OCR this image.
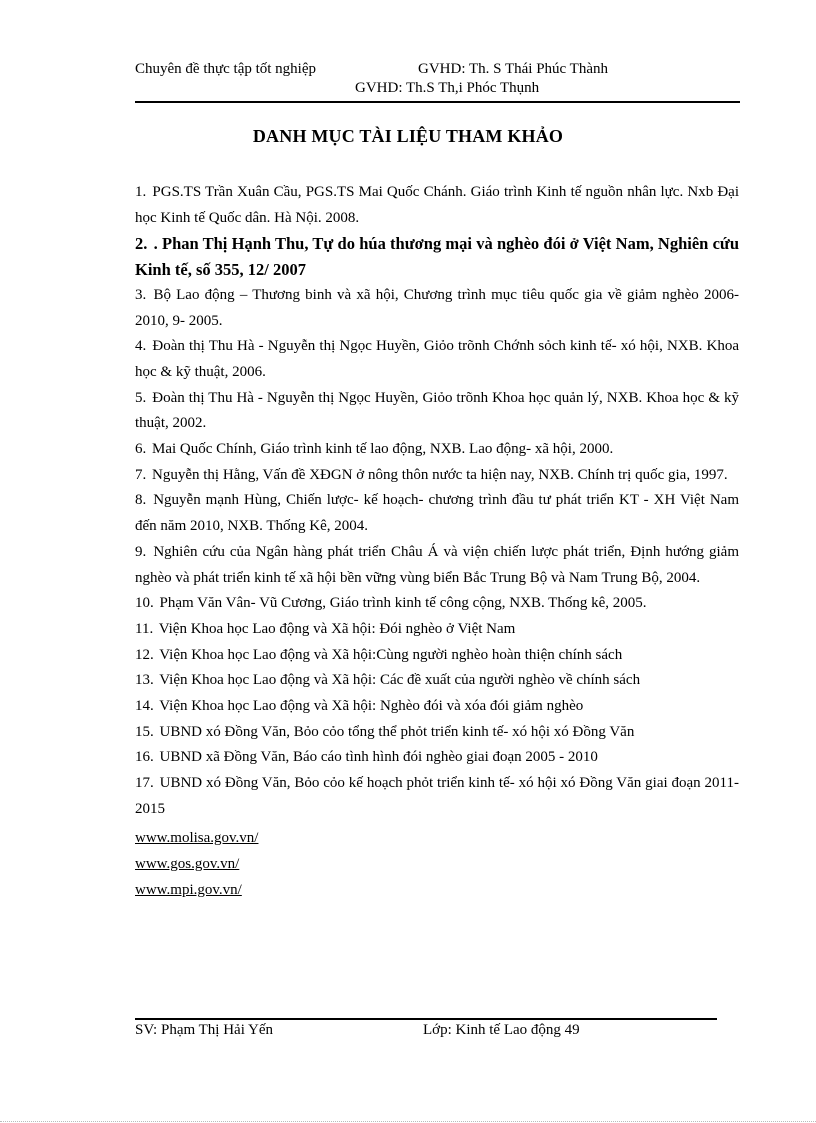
Chuyên đề thực tập tốt nghiệp	GVHD: Th. S Thái Phúc Thành
GVHD: Th.S Th,i Phóc Thụnh
DANH MỤC TÀI LIỆU THAM KHẢO
1. PGS.TS Trần Xuân Cầu, PGS.TS Mai Quốc Chánh. Giáo trình Kinh tế nguồn nhân lực. Nxb Đại học Kinh tế Quốc dân. Hà Nội. 2008.
2. . Phan Thị Hạnh Thu, Tự do húa thương mại và nghèo đói ở Việt Nam, Nghiên cứu Kinh tế, số 355, 12/ 2007
3. Bộ Lao động – Thương binh và xã hội, Chương trình mục tiêu quốc gia về giảm nghèo 2006- 2010, 9- 2005.
4. Đoàn thị Thu Hà - Nguyễn thị Ngọc Huyền, Giỏo trõnh Chớnh sỏch kinh tế- xó hội, NXB. Khoa học & kỹ thuật, 2006.
5. Đoàn thị Thu Hà - Nguyễn thị Ngọc Huyền, Giỏo trõnh Khoa học quản lý, NXB. Khoa học & kỹ thuật, 2002.
6. Mai Quốc Chính, Giáo trình kinh tế lao động, NXB. Lao động- xã hội, 2000.
7. Nguyễn thị Hằng, Vấn đề XĐGN ở nông thôn nước ta hiện nay, NXB. Chính trị quốc gia, 1997.
8. Nguyễn mạnh Hùng, Chiến lược- kế hoạch- chương trình đầu tư phát triển KT - XH Việt Nam đến năm 2010, NXB. Thống Kê, 2004.
9. Nghiên cứu của Ngân hàng phát triển Châu Á và viện chiến lược phát triển, Định hướng giảm nghèo và phát triển kinh tế xã hội bền vững vùng biển Bắc Trung Bộ và Nam Trung Bộ, 2004.
10. Phạm Văn Vân- Vũ Cương, Giáo trình kinh tế công cộng, NXB. Thống kê, 2005.
11. Viện Khoa học Lao động và Xã hội: Đói nghèo ở Việt Nam
12. Viện Khoa học Lao động và Xã hội:Cùng người nghèo hoàn thiện chính sách
13. Viện Khoa học Lao động và Xã hội: Các đề xuất của người nghèo về chính sách
14. Viện Khoa học Lao động và Xã hội: Nghèo đói và xóa đói giảm nghèo
15. UBND xó Đồng Văn, Bỏo cỏo tổng thể phỏt triển kinh tế- xó hội xó Đồng Văn
16. UBND xã Đồng Văn, Báo cáo tình hình đói nghèo giai đoạn 2005 - 2010
17. UBND xó Đồng Văn, Bỏo cỏo kế hoạch phỏt triển kinh tế- xó hội xó Đồng Văn giai đoạn 2011- 2015
www.molisa.gov.vn/
www.gos.gov.vn/
www.mpi.gov.vn/
SV: Phạm Thị Hải Yến	Lớp: Kinh tế Lao động 49
